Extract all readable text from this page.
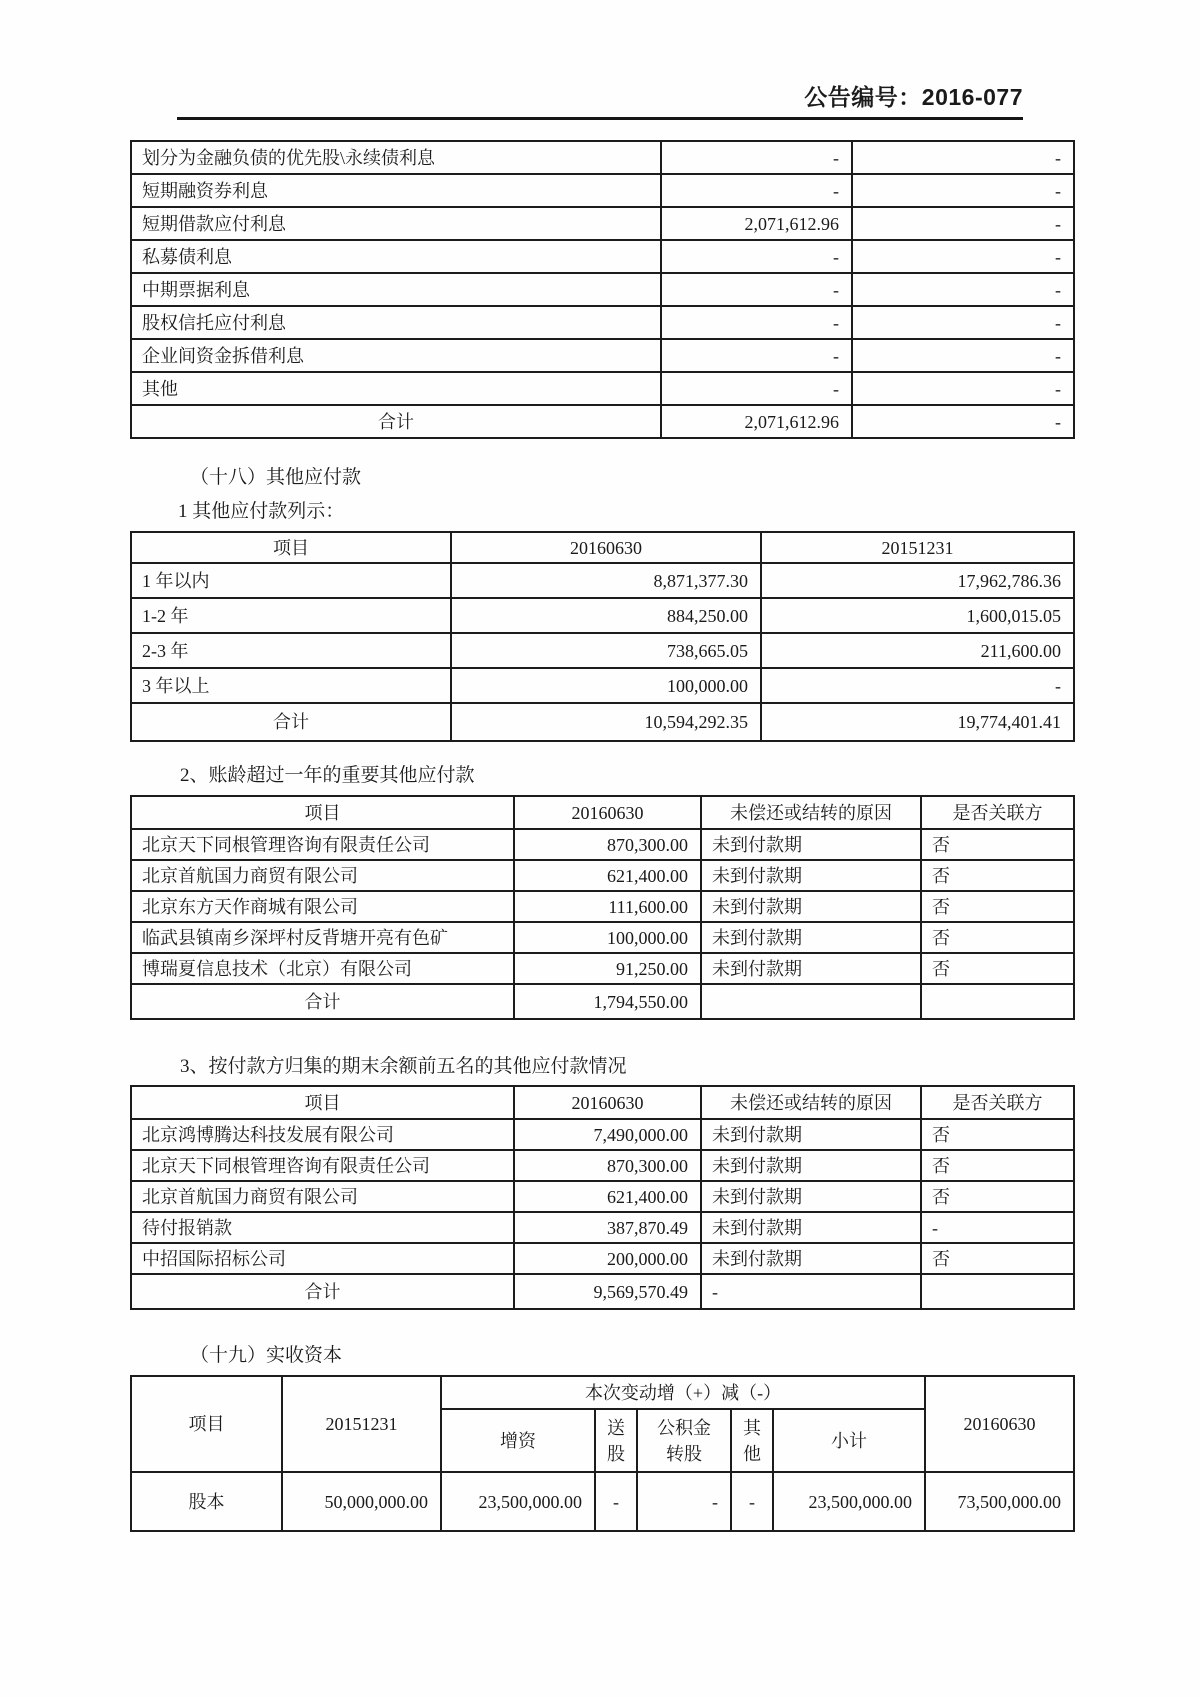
公告编号：2016-077
划分为金融负债的优先股\永续债利息	-	-
短期融资券利息	-	-
短期借款应付利息	2,071,612.96	-
私募债利息	-	-
中期票据利息	-	-
股权信托应付利息	-	-
企业间资金拆借利息	-	-
其他	-	-
合计	2,071,612.96	-
（十八）其他应付款
1 其他应付款列示：
项目	20160630	20151231
1 年以内	8,871,377.30	17,962,786.36
1-2 年	884,250.00	1,600,015.05
2-3 年	738,665.05	211,600.00
3 年以上	100,000.00	-
合计	10,594,292.35	19,774,401.41
2、账龄超过一年的重要其他应付款
项目	20160630	未偿还或结转的原因	是否关联方
北京天下同根管理咨询有限责任公司	870,300.00	未到付款期	否
北京首航国力商贸有限公司	621,400.00	未到付款期	否
北京东方天作商城有限公司	111,600.00	未到付款期	否
临武县镇南乡深坪村反背塘开亮有色矿	100,000.00	未到付款期	否
博瑞夏信息技术（北京）有限公司	91,250.00	未到付款期	否
合计	1,794,550.00		
3、按付款方归集的期末余额前五名的其他应付款情况
项目	20160630	未偿还或结转的原因	是否关联方
北京鸿博腾达科技发展有限公司	7,490,000.00	未到付款期	否
北京天下同根管理咨询有限责任公司	870,300.00	未到付款期	否
北京首航国力商贸有限公司	621,400.00	未到付款期	否
待付报销款	387,870.49	未到付款期	-
中招国际招标公司	200,000.00	未到付款期	否
合计	9,569,570.49	-	
（十九）实收资本
项目	20151231	本次变动增（+）减（-）					20160630
		增资	送股	公积金转股	其他	小计	
股本	50,000,000.00	23,500,000.00	-	-	-	23,500,000.00	73,500,000.00
